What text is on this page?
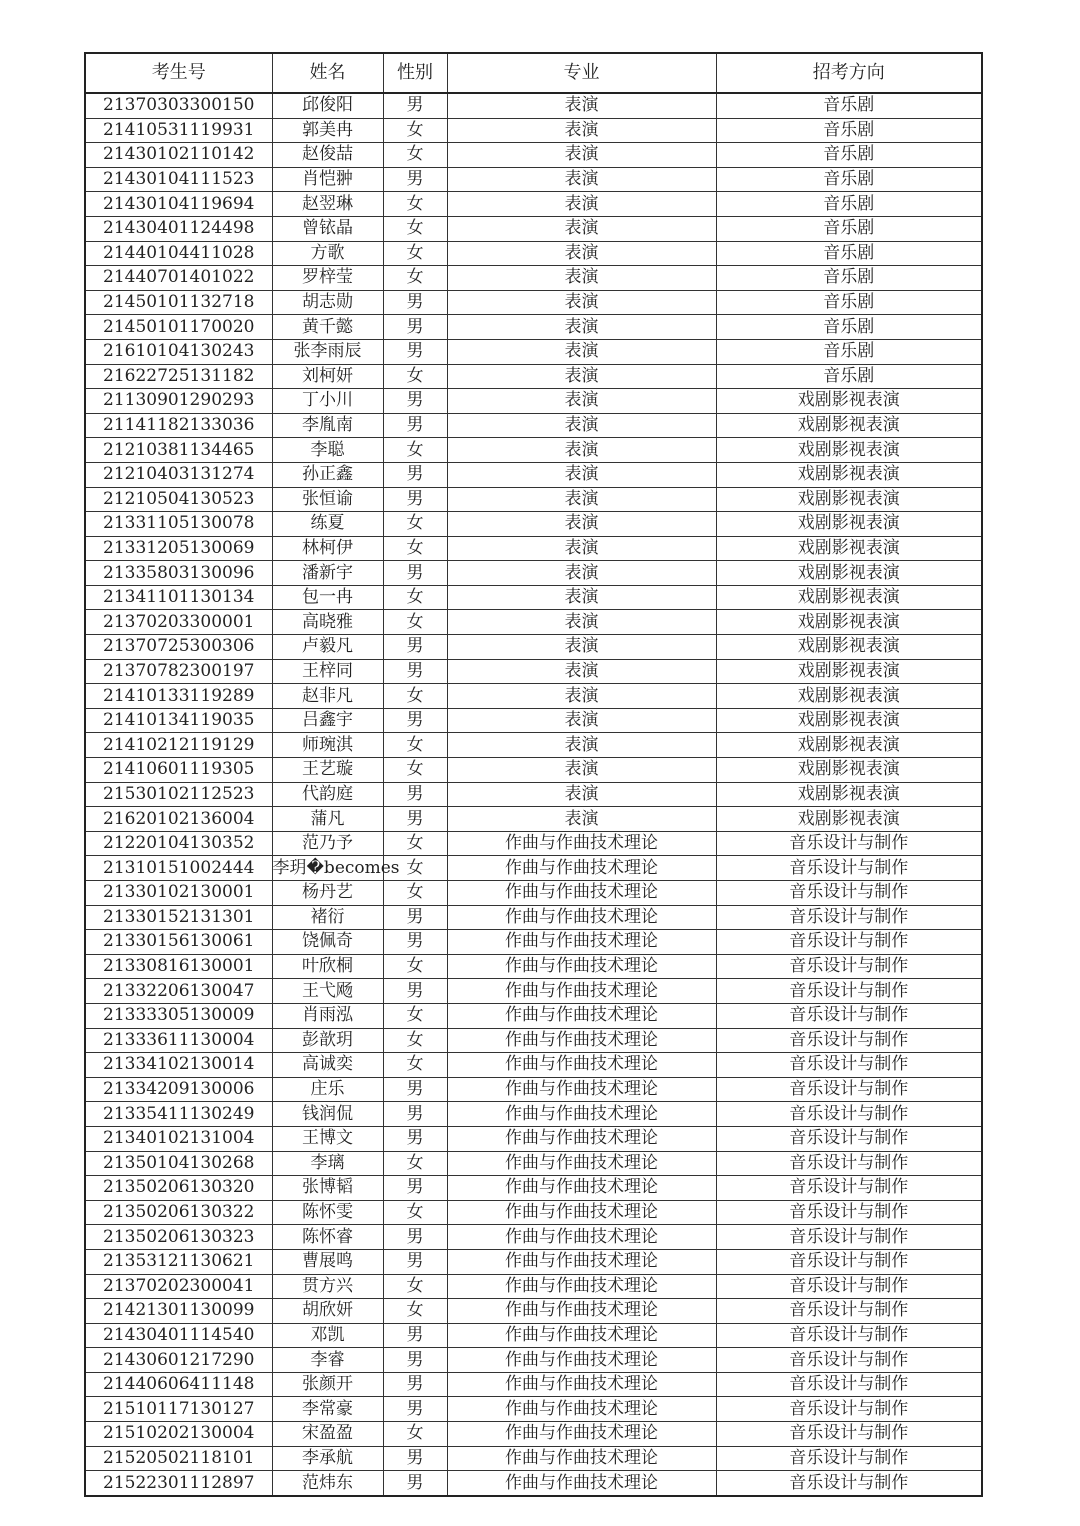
考生号	姓名	性别	专业	招考方向
21370303300150	邱俊阳	男	表演	音乐剧
21410531119931	郭美冉	女	表演	音乐剧
21430102110142	赵俊喆	女	表演	音乐剧
21430104111523	肖恺翀	男	表演	音乐剧
21430104119694	赵翌琳	女	表演	音乐剧
21430401124498	曾铱晶	女	表演	音乐剧
21440104411028	方歌	女	表演	音乐剧
21440701401022	罗梓莹	女	表演	音乐剧
21450101132718	胡志勋	男	表演	音乐剧
21450101170020	黄千懿	男	表演	音乐剧
21610104130243	张李雨辰	男	表演	音乐剧
21622725131182	刘柯妍	女	表演	音乐剧
21130901290293	丁小川	男	表演	戏剧影视表演
21141182133036	李胤南	男	表演	戏剧影视表演
21210381134465	李聪	女	表演	戏剧影视表演
21210403131274	孙正鑫	男	表演	戏剧影视表演
21210504130523	张恒谕	男	表演	戏剧影视表演
21331105130078	练夏	女	表演	戏剧影视表演
21331205130069	林柯伊	女	表演	戏剧影视表演
21335803130096	潘新宇	男	表演	戏剧影视表演
21341101130134	包一冉	女	表演	戏剧影视表演
21370203300001	高晓雅	女	表演	戏剧影视表演
21370725300306	卢毅凡	男	表演	戏剧影视表演
21370782300197	王梓同	男	表演	戏剧影视表演
21410133119289	赵非凡	女	表演	戏剧影视表演
21410134119035	吕鑫宇	男	表演	戏剧影视表演
21410212119129	师琬淇	女	表演	戏剧影视表演
21410601119305	王艺璇	女	表演	戏剧影视表演
21530102112523	代韵庭	男	表演	戏剧影视表演
21620102136004	蒲凡	男	表演	戏剧影视表演
21220104130352	范乃予	女	作曲与作曲技术理论	音乐设计与制作
21310151002444	李玥�becomes	女	作曲与作曲技术理论	音乐设计与制作
21330102130001	杨丹艺	女	作曲与作曲技术理论	音乐设计与制作
21330152131301	褚衍	男	作曲与作曲技术理论	音乐设计与制作
21330156130061	饶佩奇	男	作曲与作曲技术理论	音乐设计与制作
21330816130001	叶欣桐	女	作曲与作曲技术理论	音乐设计与制作
21332206130047	王弋飏	男	作曲与作曲技术理论	音乐设计与制作
21333305130009	肖雨泓	女	作曲与作曲技术理论	音乐设计与制作
21333611130004	彭歆玥	女	作曲与作曲技术理论	音乐设计与制作
21334102130014	高诚奕	女	作曲与作曲技术理论	音乐设计与制作
21334209130006	庄乐	男	作曲与作曲技术理论	音乐设计与制作
21335411130249	钱润侃	男	作曲与作曲技术理论	音乐设计与制作
21340102131004	王博文	男	作曲与作曲技术理论	音乐设计与制作
21350104130268	李璃	女	作曲与作曲技术理论	音乐设计与制作
21350206130320	张博韬	男	作曲与作曲技术理论	音乐设计与制作
21350206130322	陈怀雯	女	作曲与作曲技术理论	音乐设计与制作
21350206130323	陈怀睿	男	作曲与作曲技术理论	音乐设计与制作
21353121130621	曹展鸣	男	作曲与作曲技术理论	音乐设计与制作
21370202300041	贯方兴	女	作曲与作曲技术理论	音乐设计与制作
21421301130099	胡欣妍	女	作曲与作曲技术理论	音乐设计与制作
21430401114540	邓凯	男	作曲与作曲技术理论	音乐设计与制作
21430601217290	李睿	男	作曲与作曲技术理论	音乐设计与制作
21440606411148	张颜开	男	作曲与作曲技术理论	音乐设计与制作
21510117130127	李常豪	男	作曲与作曲技术理论	音乐设计与制作
21510202130004	宋盈盈	女	作曲与作曲技术理论	音乐设计与制作
21520502118101	李承航	男	作曲与作曲技术理论	音乐设计与制作
21522301112897	范炜东	男	作曲与作曲技术理论	音乐设计与制作
